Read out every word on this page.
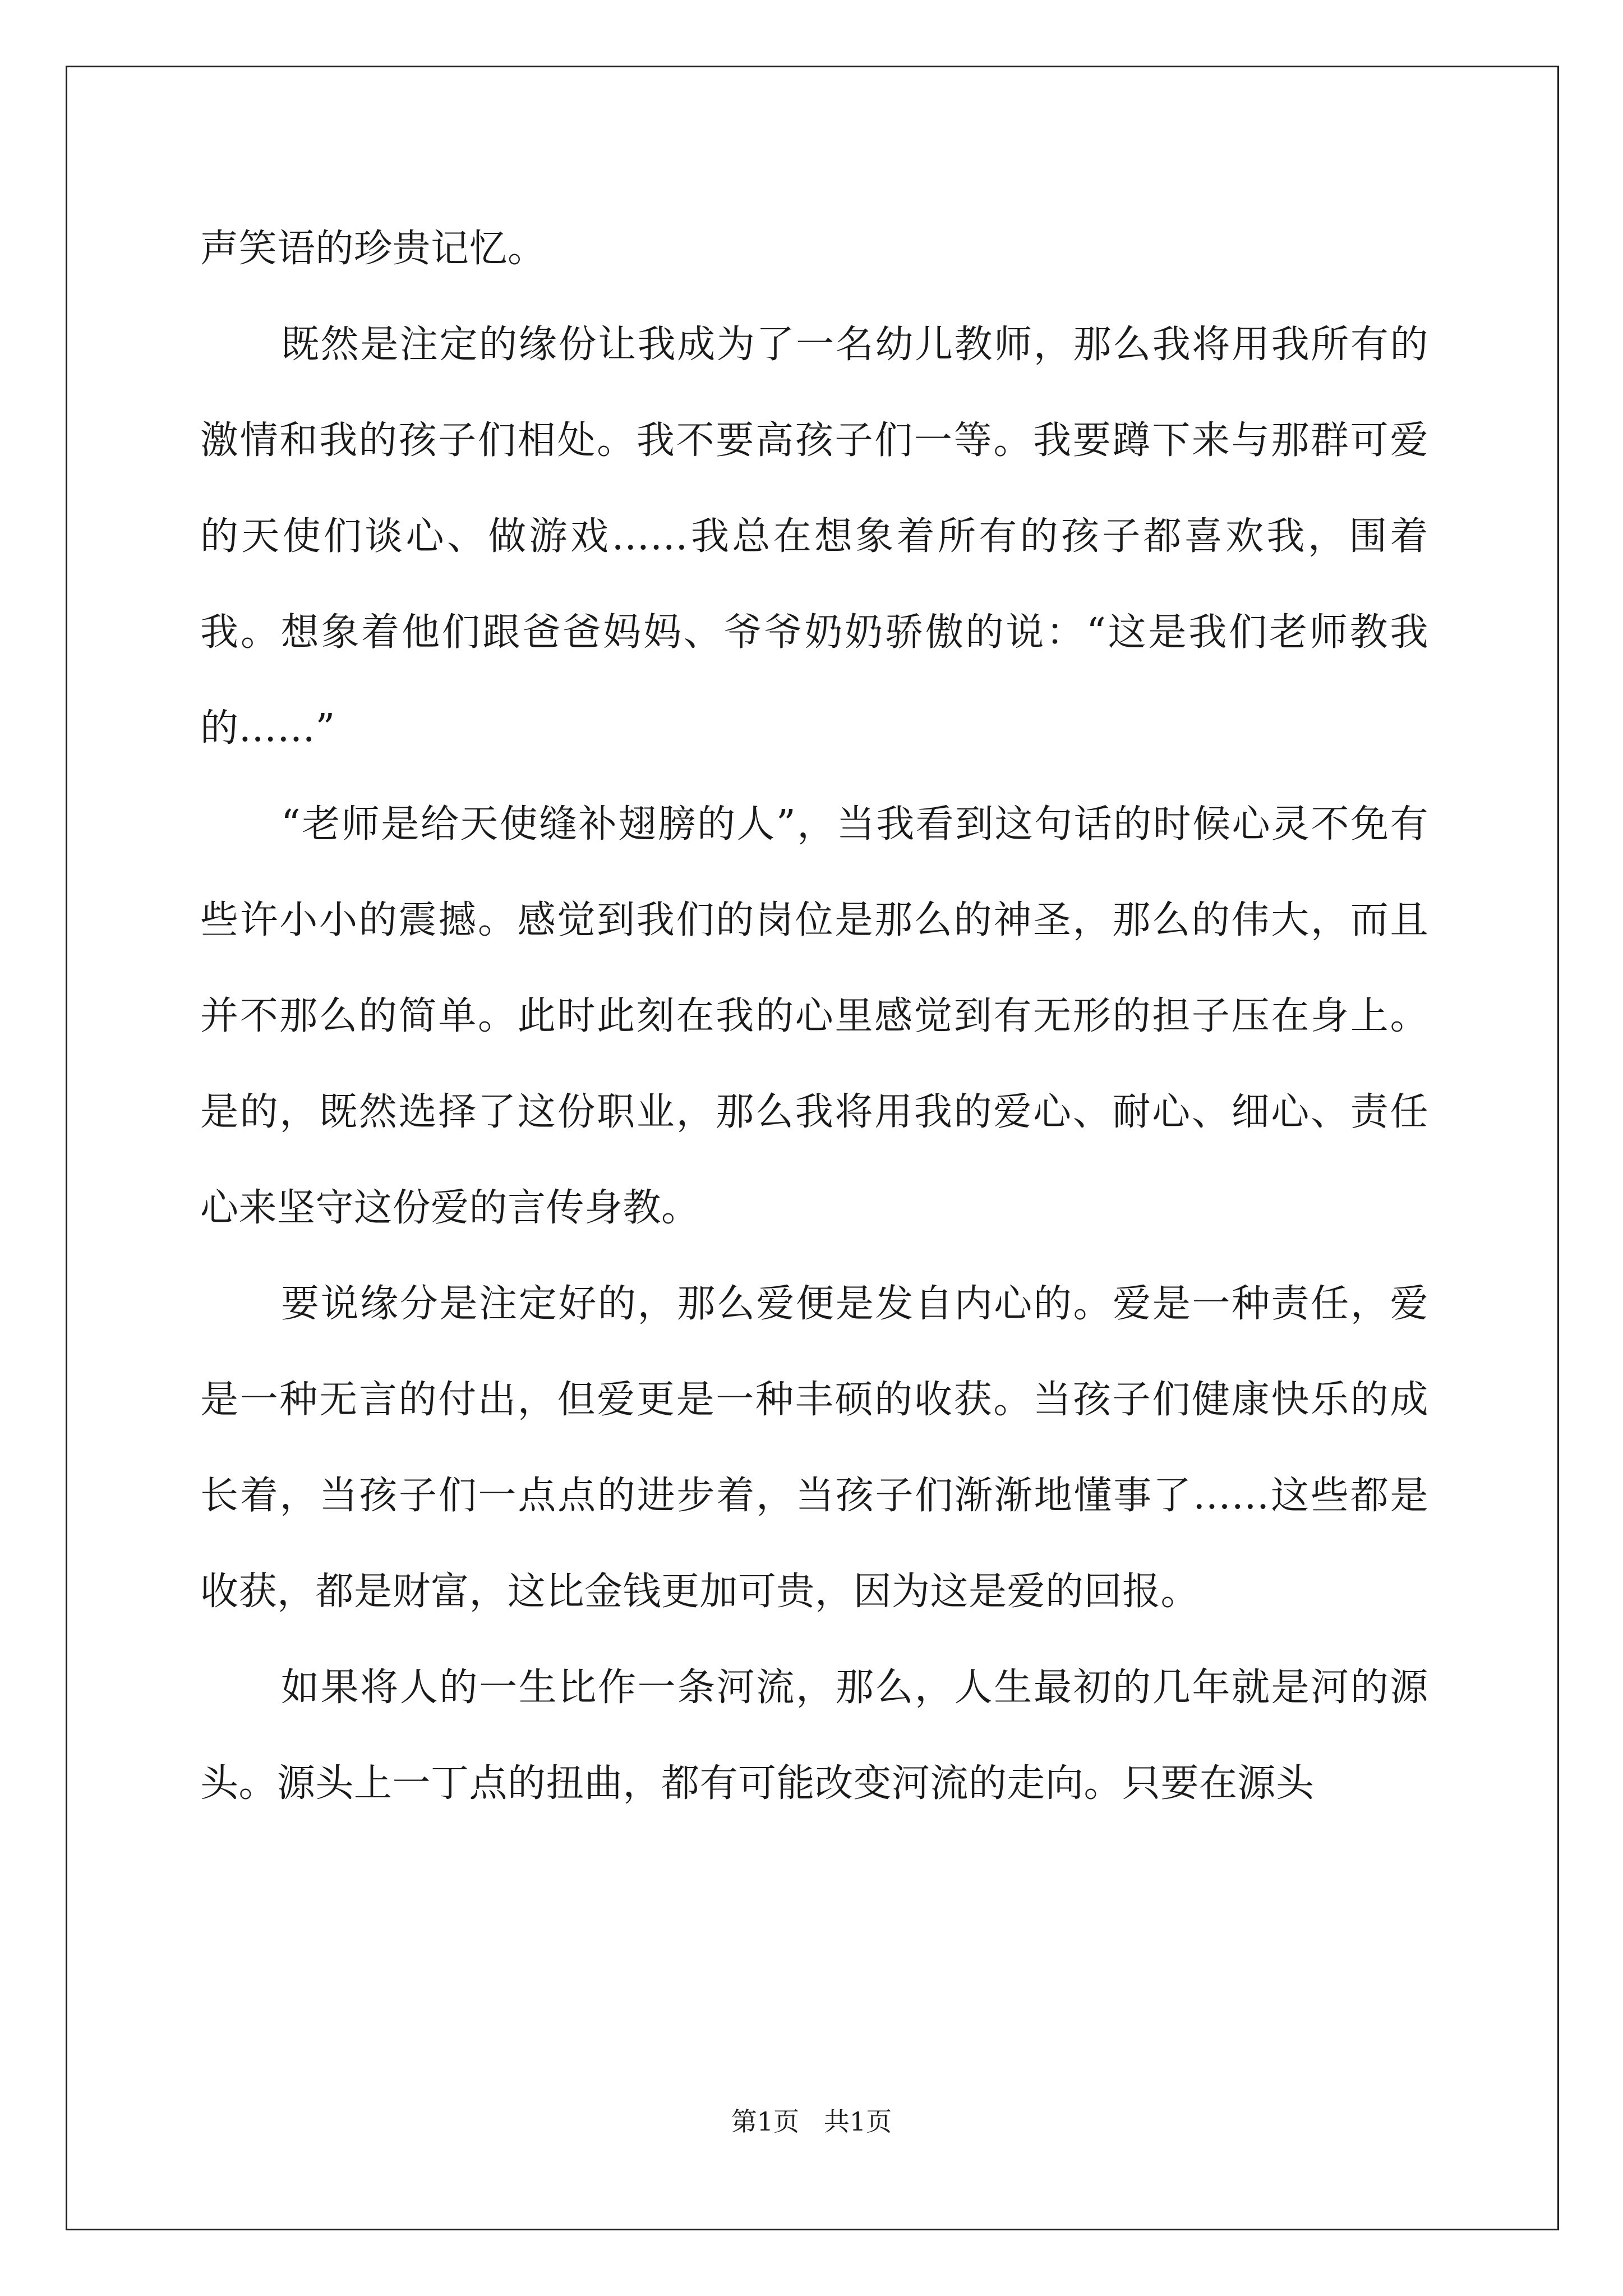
声笑语的珍贵记忆。

既然是注定的缘份让我成为了一名幼儿教师，那么我将用我所有的激情和我的孩子们相处。我不要高孩子们一等。我要蹲下来与那群可爱的天使们谈心、做游戏……我总在想象着所有的孩子都喜欢我，围着我。想象着他们跟爸爸妈妈、爷爷奶奶骄傲的说：“这是我们老师教我的……”

“老师是给天使缝补翅膀的人”，当我看到这句话的时候心灵不免有些许小小的震撼。感觉到我们的岗位是那么的神圣，那么的伟大，而且并不那么的简单。此时此刻在我的心里感觉到有无形的担子压在身上。是的，既然选择了这份职业，那么我将用我的爱心、耐心、细心、责任心来坚守这份爱的言传身教。

要说缘分是注定好的，那么爱便是发自内心的。爱是一种责任，爱是一种无言的付出，但爱更是一种丰硕的收获。当孩子们健康快乐的成长着，当孩子们一点点的进步着，当孩子们渐渐地懂事了……这些都是收获，都是财富，这比金钱更加可贵，因为这是爱的回报。

如果将人的一生比作一条河流，那么，人生最初的几年就是河的源头。源头上一丁点的扭曲，都有可能改变河流的走向。只要在源头

第1页   共1页
